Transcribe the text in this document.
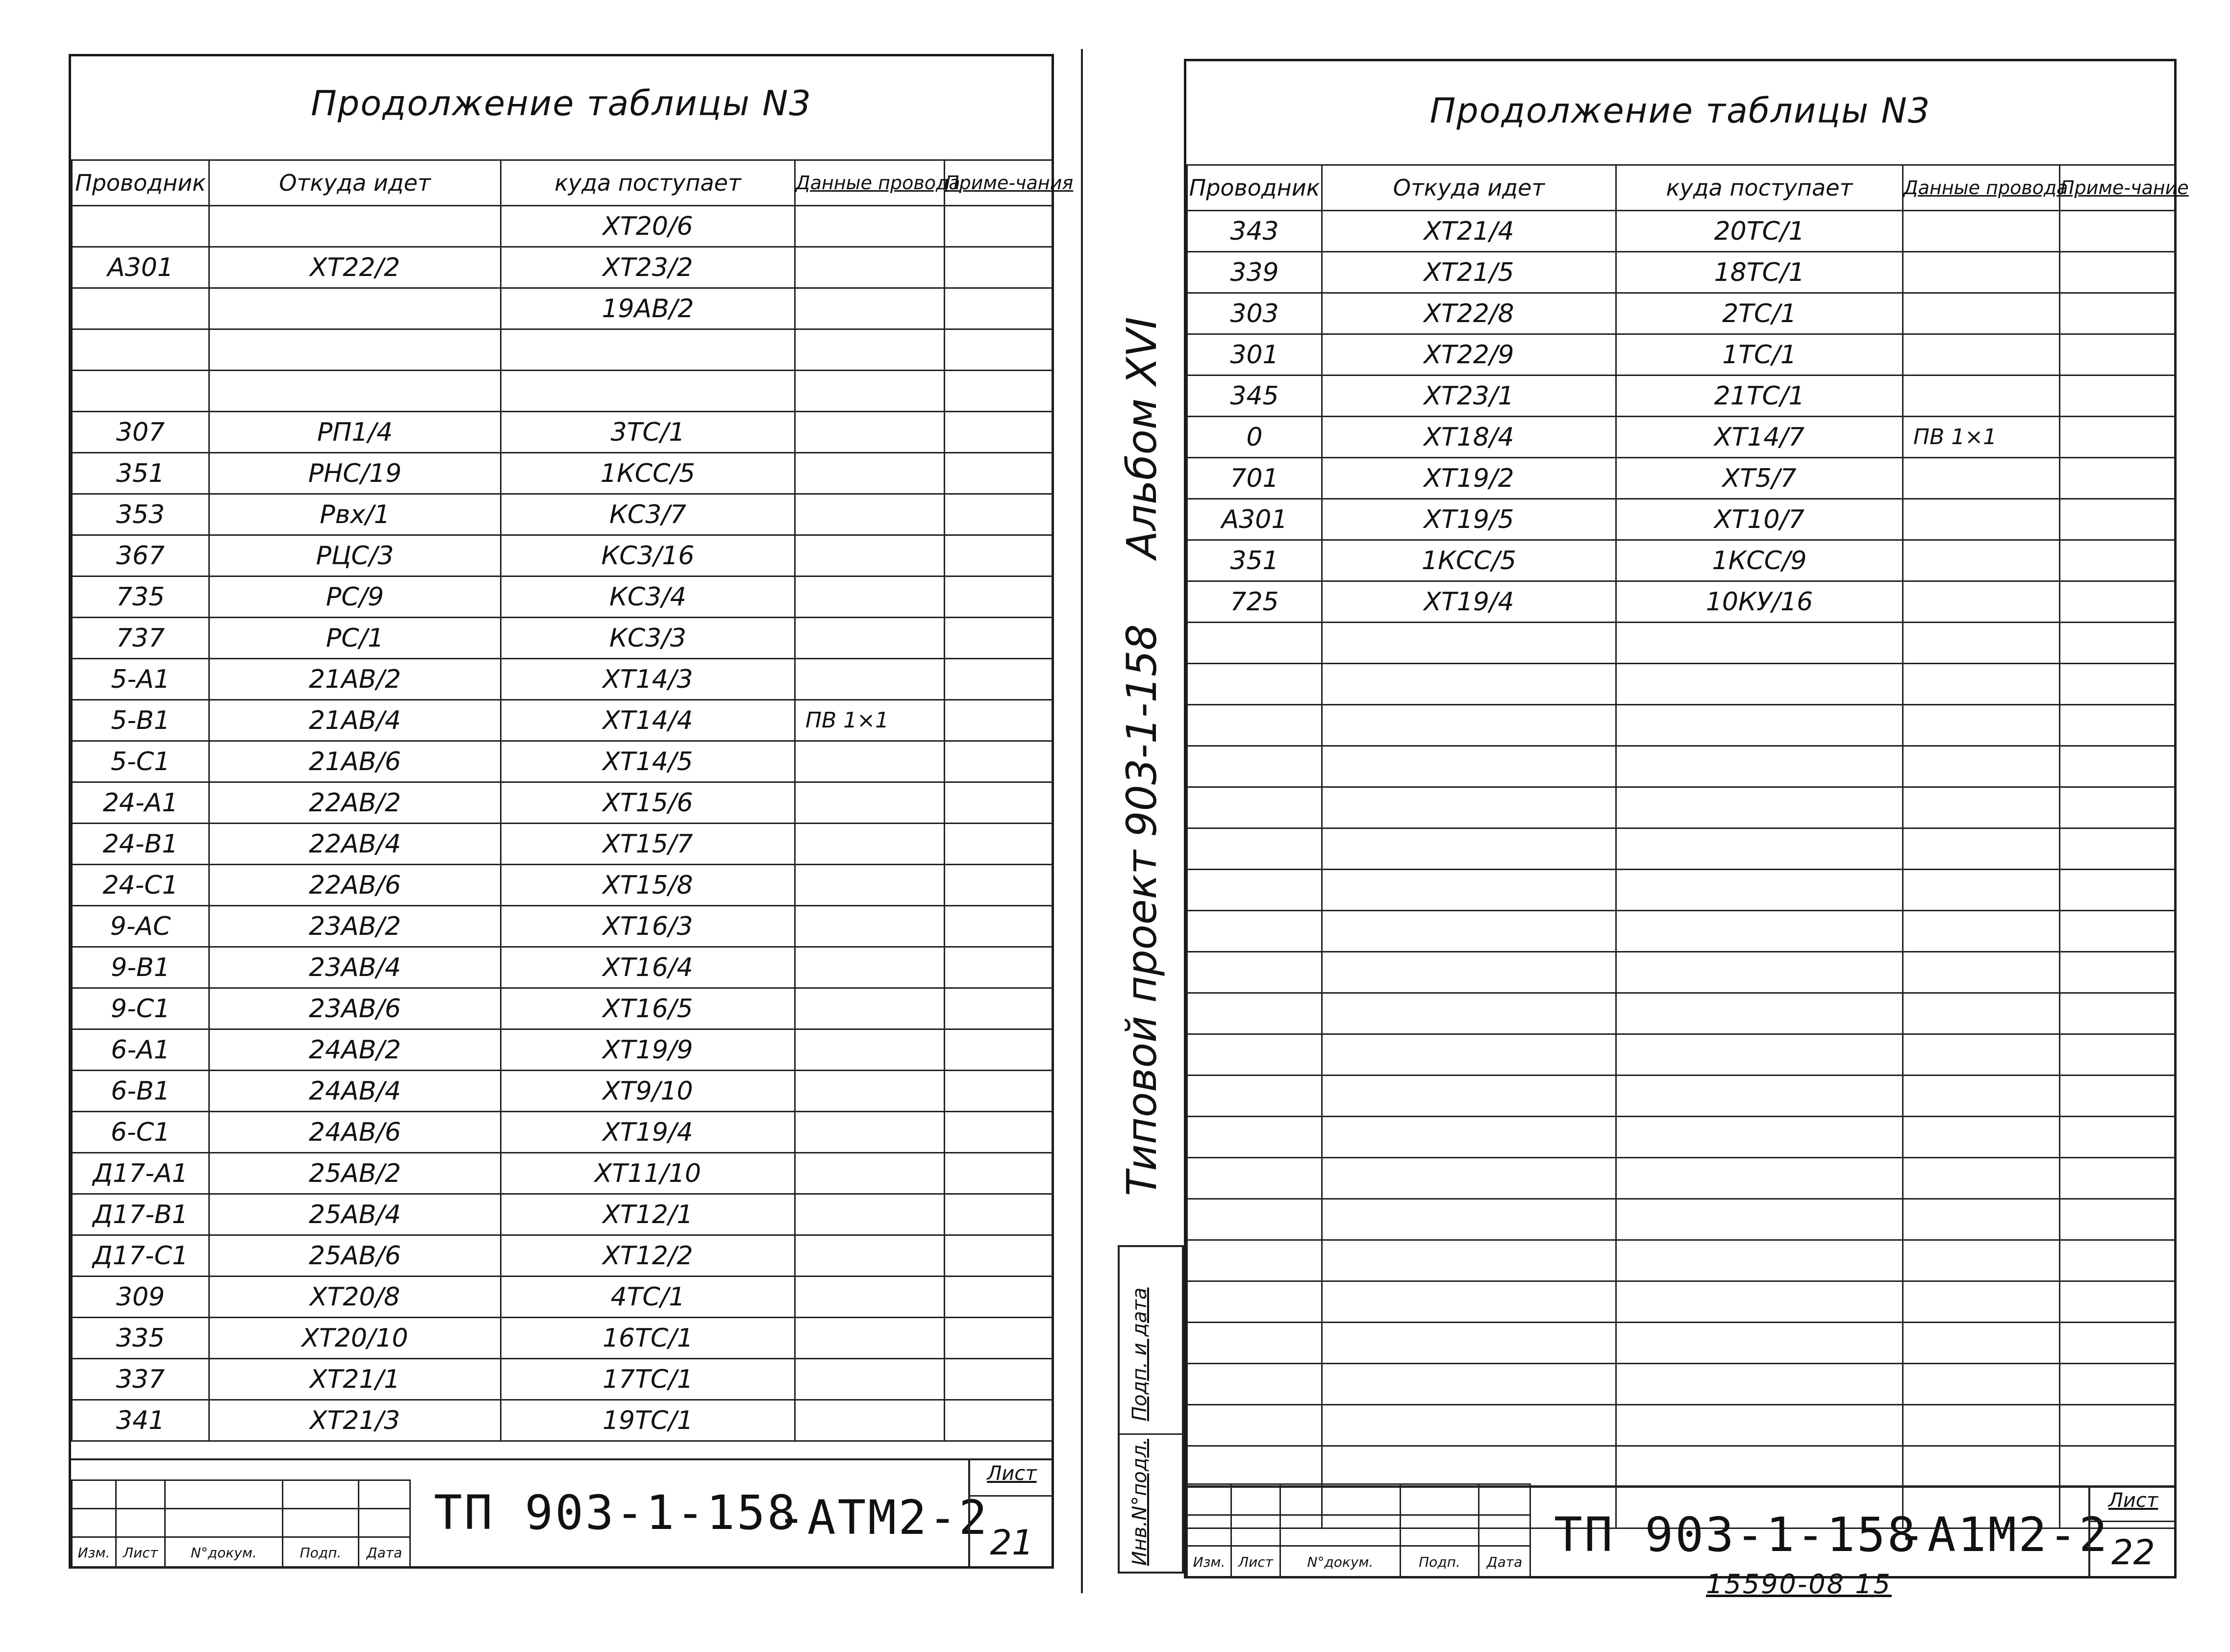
Продолжение таблицы N3
Проводник	Откуда идет	куда поступает	Данные провода	Приме-чания
		ХТ20/6		
А301	ХТ22/2	ХТ23/2		
		19АВ/2		

307	РП1/4	3ТС/1		
351	РНС/19	1КСС/5		
353	Рвх/1	КС3/7		
367	РЦС/3	КС3/16		
735	РС/9	КС3/4		
737	РС/1	КС3/3		
5-А1	21АВ/2	ХТ14/3		
5-В1	21АВ/4	ХТ14/4	ПВ 1×1	
5-С1	21АВ/6	ХТ14/5		
24-А1	22АВ/2	ХТ15/6		
24-В1	22АВ/4	ХТ15/7		
24-С1	22АВ/6	ХТ15/8		
9-АС	23АВ/2	ХТ16/3		
9-В1	23АВ/4	ХТ16/4		
9-С1	23АВ/6	ХТ16/5		
6-А1	24АВ/2	ХТ19/9		
6-В1	24АВ/4	ХТ9/10		
6-С1	24АВ/6	ХТ19/4		
Д17-А1	25АВ/2	ХТ11/10		
Д17-В1	25АВ/4	ХТ12/1		
Д17-С1	25АВ/6	ХТ12/2		
309	ХТ20/8	4ТС/1		
335	ХТ20/10	16ТС/1		
337	ХТ21/1	17ТС/1		
341	ХТ21/3	19ТС/1		

Изм.	Лист	N°докум.	Подп.	Дата
ТП 903-1-158
-АТМ2-2
Лист
21
Альбом XVI
Типовой проект 903-1-158
Подп. и дата
Инв.N°подл.
Продолжение таблицы N3
Проводник	Откуда идет	куда поступает	Данные провода	Приме-чание
343	ХТ21/4	20ТС/1		
339	ХТ21/5	18ТС/1		
303	ХТ22/8	2ТС/1		
301	ХТ22/9	1ТС/1		
345	ХТ23/1	21ТС/1		
0	ХТ18/4	ХТ14/7	ПВ 1×1	
701	ХТ19/2	ХТ5/7		
А301	ХТ19/5	ХТ10/7		
351	1КСС/5	1КСС/9		
725	ХТ19/4	10КУ/16		

Изм.	Лист	N°докум.	Подп.	Дата ТП 903-1-158
-А1М2-2
Лист
22
15590-08 15
